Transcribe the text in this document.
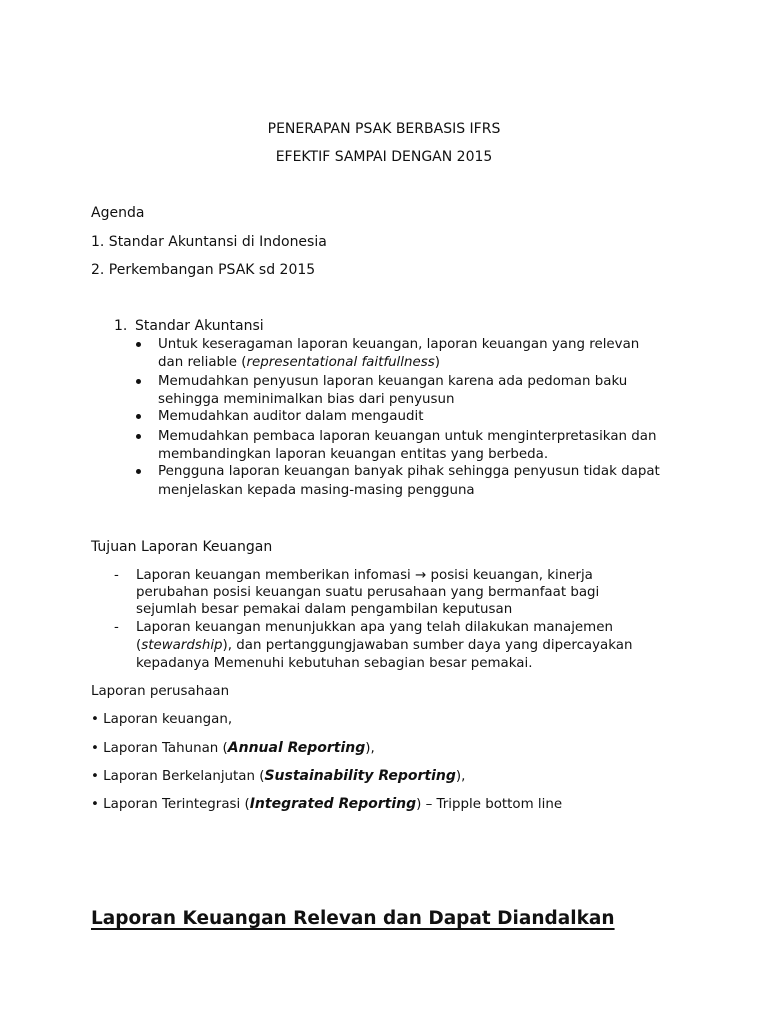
PENERAPAN PSAK BERBASIS IFRS
EFEKTIF SAMPAI DENGAN 2015
Agenda
1. Standar Akuntansi di Indonesia
2. Perkembangan PSAK sd 2015
1. Standar Akuntansi
Untuk keseragaman laporan keuangan, laporan keuangan yang relevan
dan reliable (representational faitfullness)
Memudahkan penyusun laporan keuangan karena ada pedoman baku
sehingga meminimalkan bias dari penyusun
Memudahkan auditor dalam mengaudit
Memudahkan pembaca laporan keuangan untuk menginterpretasikan dan
membandingkan laporan keuangan entitas yang berbeda.
Pengguna laporan keuangan banyak pihak sehingga penyusun tidak dapat
menjelaskan kepada masing-masing pengguna
Tujuan Laporan Keuangan
- Laporan keuangan memberikan infomasi → posisi keuangan, kinerja
perubahan posisi keuangan suatu perusahaan yang bermanfaat bagi
sejumlah besar pemakai dalam pengambilan keputusan
- Laporan keuangan menunjukkan apa yang telah dilakukan manajemen
(stewardship), dan pertanggungjawaban sumber daya yang dipercayakan
kepadanya Memenuhi kebutuhan sebagian besar pemakai.
Laporan perusahaan
• Laporan keuangan,
• Laporan Tahunan (Annual Reporting),
• Laporan Berkelanjutan (Sustainability Reporting),
• Laporan Terintegrasi (Integrated Reporting) – Tripple bottom line
Laporan Keuangan Relevan dan Dapat Diandalkan
